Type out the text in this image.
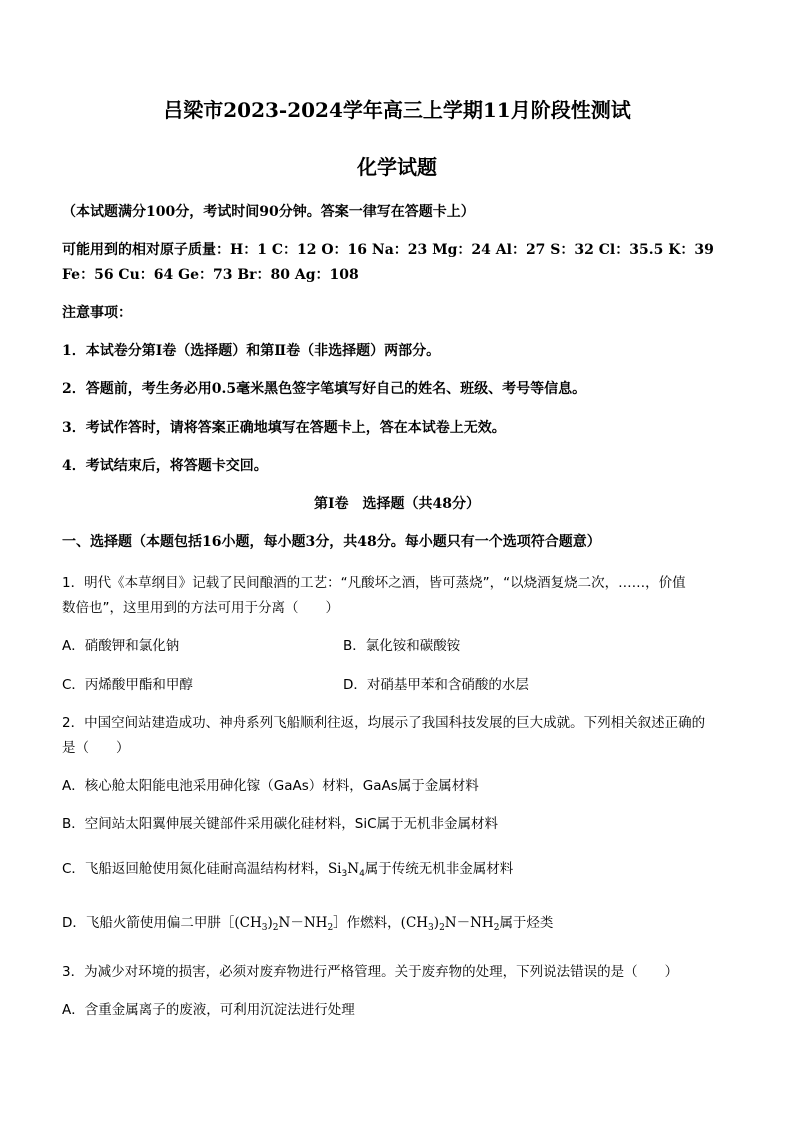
吕梁市2023-2024学年高三上学期11月阶段性测试
化学试题
（本试题满分100分，考试时间90分钟。答案一律写在答题卡上）
可能用到的相对原子质量：H：1 C：12 O：16 Na：23 Mg：24 Al：27 S：32 Cl：35.5 K：39
Fe：56 Cu：64 Ge：73 Br：80 Ag：108
注意事项：
1．本试卷分第Ⅰ卷（选择题）和第Ⅱ卷（非选择题）两部分。
2．答题前，考生务必用0.5毫米黑色签字笔填写好自己的姓名、班级、考号等信息。
3．考试作答时，请将答案正确地填写在答题卡上，答在本试卷上无效。
4．考试结束后，将答题卡交回。
第Ⅰ卷　选择题（共48分）
一、选择题（本题包括16小题，每小题3分，共48分。每小题只有一个选项符合题意）
1．明代《本草纲目》记载了民间酿酒的工艺：“凡酸坏之酒，皆可蒸烧”，“以烧酒复烧二次，……，价值
数倍也”，这里用到的方法可用于分离（　　）
A．硝酸钾和氯化钠	B．氯化铵和碳酸铵
C．丙烯酸甲酯和甲醇	D．对硝基甲苯和含硝酸的水层
2．中国空间站建造成功、神舟系列飞船顺利往返，均展示了我国科技发展的巨大成就。下列相关叙述正确的
是（　　）
A．核心舱太阳能电池采用砷化镓（GaAs）材料，GaAs属于金属材料
B．空间站太阳翼伸展关键部件采用碳化硅材料，SiC属于无机非金属材料
C．飞船返回舱使用氮化硅耐高温结构材料，$Si_3N_4$属于传统无机非金属材料
D．飞船火箭使用偏二甲肼$[(CH_3)_2N-NH_2]$作燃料，$(CH_3)_2N-NH_2$属于烃类
3．为减少对环境的损害，必须对废弃物进行严格管理。关于废弃物的处理，下列说法错误的是（　　）
A．含重金属离子的废液，可利用沉淀法进行处理
